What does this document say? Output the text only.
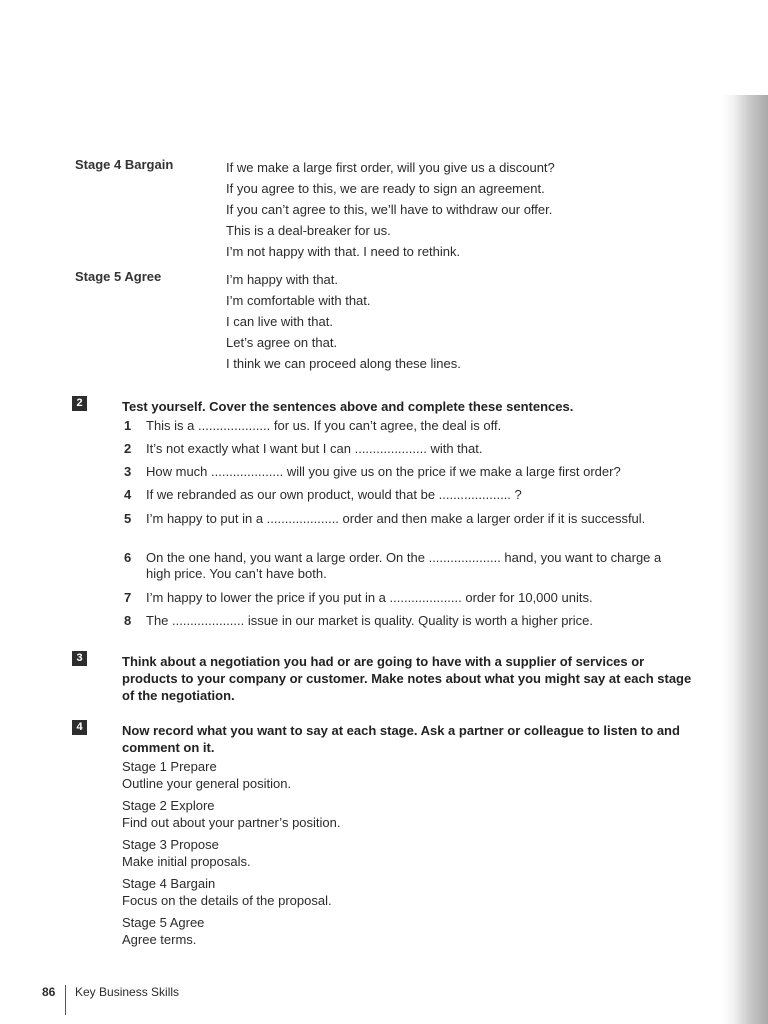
Stage 4 Bargain	If we make a large first order, will you give us a discount?
If you agree to this, we are ready to sign an agreement.
If you can’t agree to this, we’ll have to withdraw our offer.
This is a deal-breaker for us.
I’m not happy with that. I need to rethink.
Stage 5 Agree	I’m happy with that.
I’m comfortable with that.
I can live with that.
Let’s agree on that.
I think we can proceed along these lines.
2	Test yourself. Cover the sentences above and complete these sentences.
1 This is a .................... for us. If you can’t agree, the deal is off.
2 It’s not exactly what I want but I can .................... with that.
3 How much .................... will you give us on the price if we make a large first order?
4 If we rebranded as our own product, would that be .................... ?
5 I’m happy to put in a .................... order and then make a larger order if it is successful.
6 On the one hand, you want a large order. On the .................... hand, you want to charge a high price. You can’t have both.
7 I’m happy to lower the price if you put in a .................... order for 10,000 units.
8 The .................... issue in our market is quality. Quality is worth a higher price.
3	Think about a negotiation you had or are going to have with a supplier of services or products to your company or customer. Make notes about what you might say at each stage of the negotiation.
4	Now record what you want to say at each stage. Ask a partner or colleague to listen to and comment on it.
Stage 1 Prepare
Outline your general position.
Stage 2 Explore
Find out about your partner’s position.
Stage 3 Propose
Make initial proposals.
Stage 4 Bargain
Focus on the details of the proposal.
Stage 5 Agree
Agree terms.
86 Key Business Skills
